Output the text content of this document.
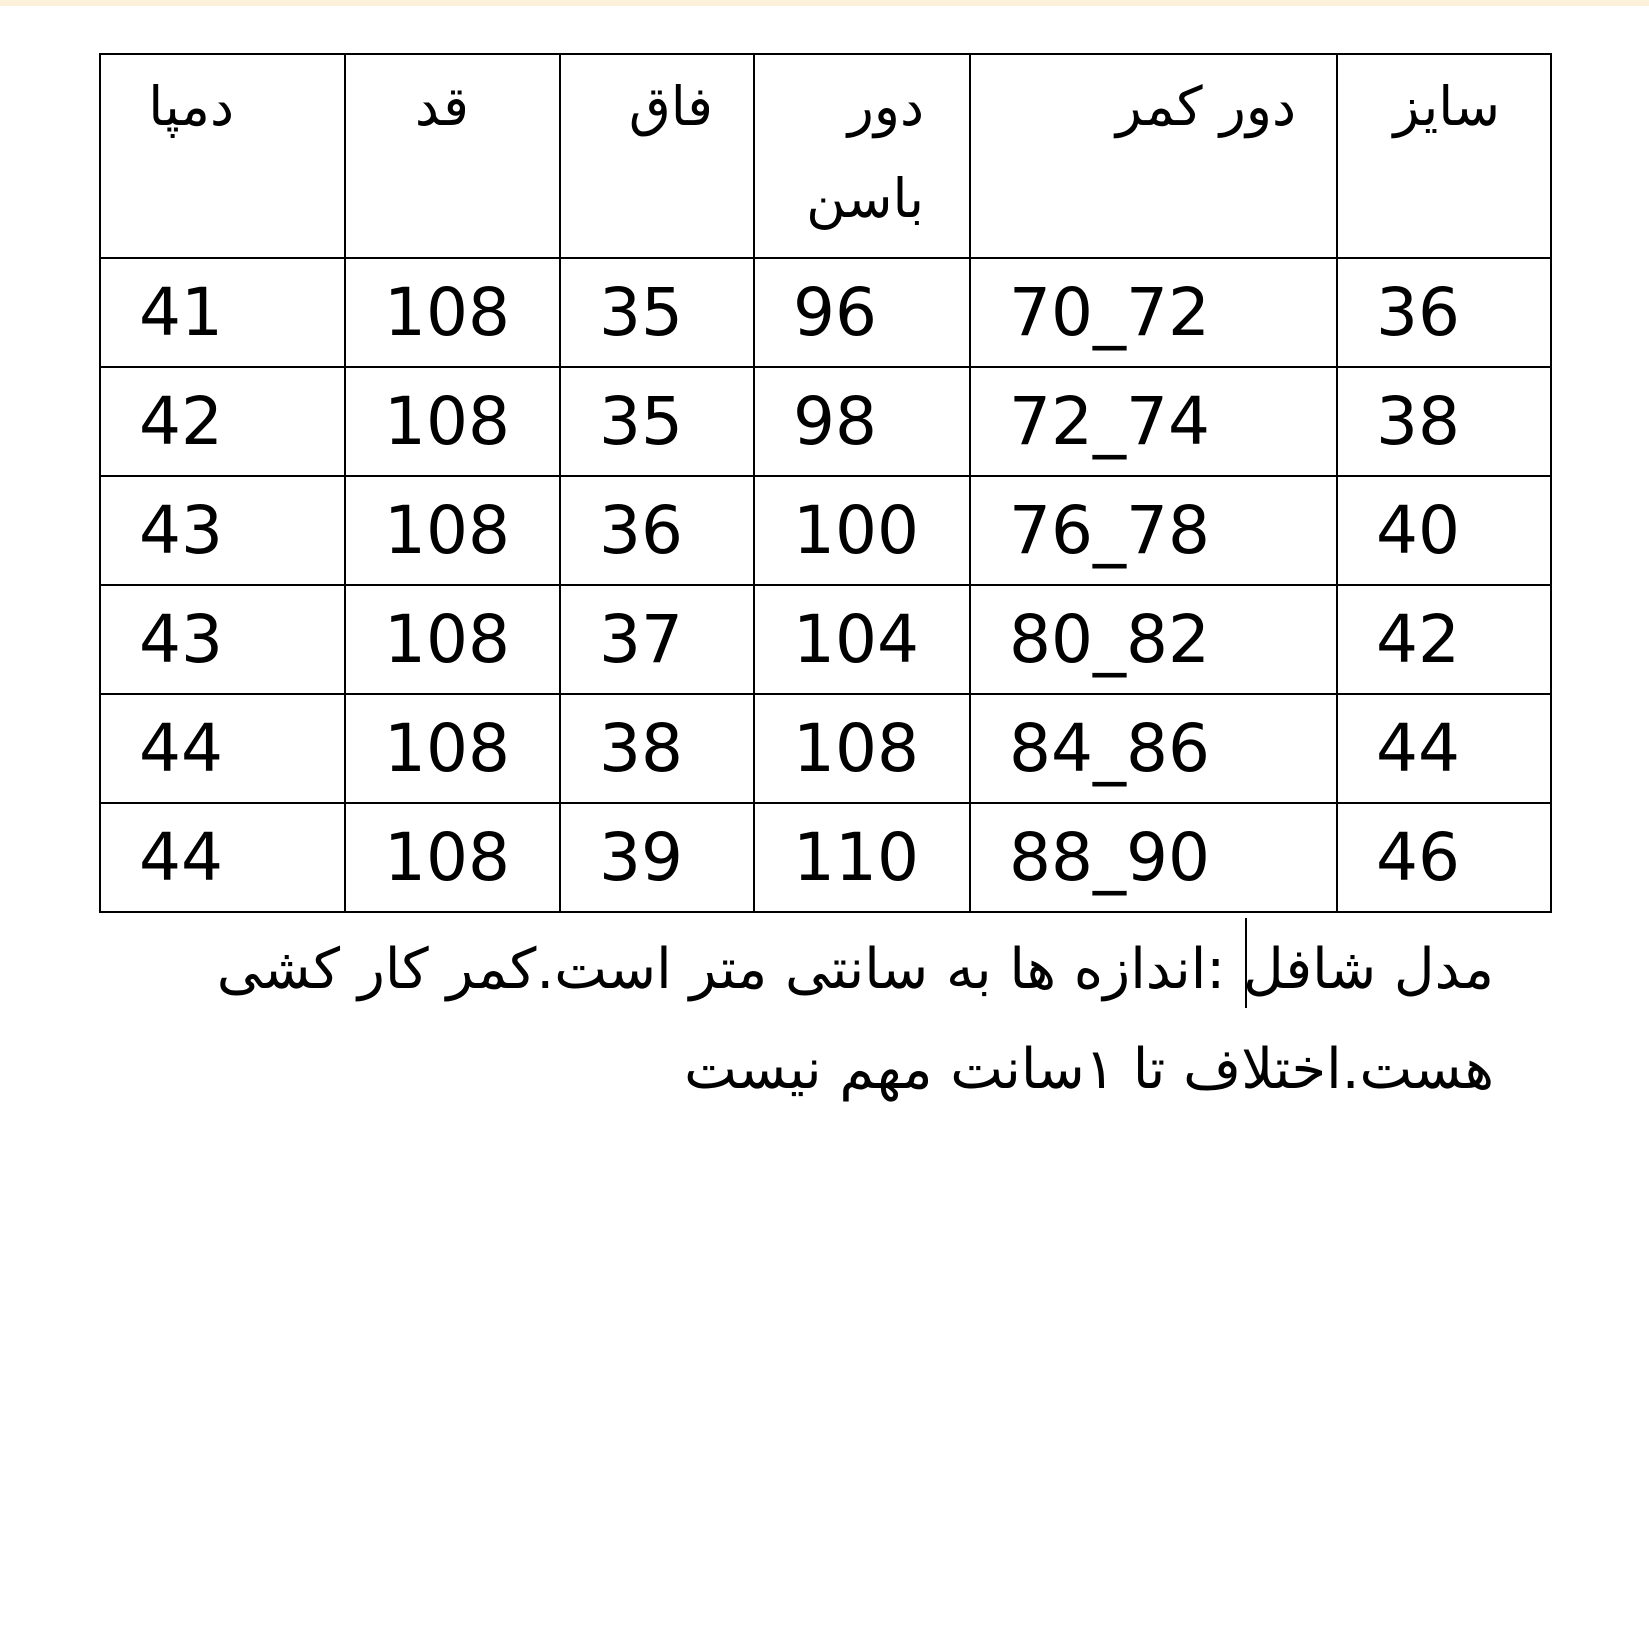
سایز	دور کمر	دور باسن	فاق	قد	دمپا
36	70_72	96	35	108	41
38	72_74	98	35	108	42
40	76_78	100	36	108	43
42	80_82	104	37	108	43
44	84_86	108	38	108	44
46	88_90	110	39	108	44
مدل شافل :اندازه ها به سانتی متر است.کمر کار کشی هست.اختلاف تا ۱سانت مهم نیست
